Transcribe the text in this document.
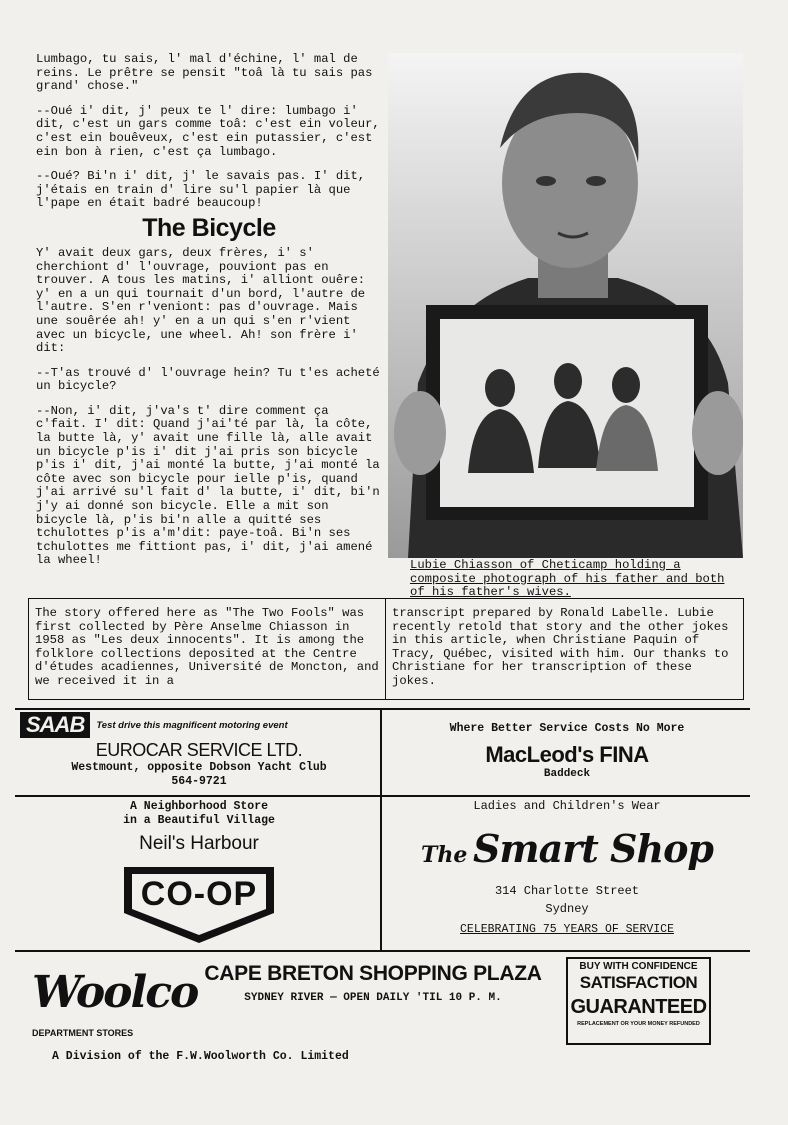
Lumbago, tu sais, l' mal d'échine, l' mal de reins. Le prêtre se pensit "toâ là tu sais pas grand' chose."

--Oué i' dit, j' peux te l' dire: lumbago i' dit, c'est un gars comme toâ: c'est ein voleur, c'est ein bouêveux, c'est ein putassier, c'est ein bon à rien, c'est ça lumbago.

--Oué? Bi'n i' dit, j' le savais pas. I' dit, j'étais en train d' lire su'l papier là que l'pape en était badré beaucoup!

The Bicycle

Y' avait deux gars, deux frères, i' s' cherchiont d' l'ouvrage, pouviont pas en trouver. A tous les matins, i' alliont ouêre: y' en a un qui tournait d'un bord, l'autre de l'autre. S'en r'veniont: pas d'ouvrage. Mais une souêrée ah! y' en a un qui s'en r'vient avec un bicycle, une wheel. Ah! son frère i' dit:

--T'as trouvé d' l'ouvrage hein? Tu t'es acheté un bicycle?

--Non, i' dit, j'va's t' dire comment ça c'fait. I' dit: Quand j'ai'té par là, la côte, la butte là, y' avait une fille là, alle avait un bicycle p'is i' dit j'ai pris son bicycle p'is i' dit, j'ai monté la butte, j'ai monté la côte avec son bicycle pour ielle p'is, quand j'ai arrivé su'l fait d' la butte, i' dit, bi'n j'y ai donné son bicycle. Elle a mit son bicycle là, p'is bi'n alle a quitté ses tchulottes p'is a'm'dit: paye-toâ. Bi'n ses tchulottes me fittiont pas, i' dit, j'ai amené la wheel!	Lubie Chiasson of Cheticamp holding a composite photograph of his father and both of his father's wives.
The story offered here as "The Two Fools" was first collected by Père Anselme Chiasson in 1958 as "Les deux innocents". It is among the folklore collections deposited at the Centre d'études acadiennes, Université de Moncton, and we received it in a
transcript prepared by Ronald Labelle. Lubie recently retold that story and the other jokes in this article, when Christiane Paquin of Tracy, Québec, visited with him. Our thanks to Christiane for her transcription of these jokes.
SAAB	Test drive this magnificent motoring event
EUROCAR SERVICE LTD.
Westmount, opposite Dobson Yacht Club
564-9721
Where Better Service Costs No More
MacLeod's FINA
Baddeck
A Neighborhood Store
in a Beautiful Village
Neil's Harbour
CO-OP
Ladies and Children's Wear
The Smart Shop
314 Charlotte Street
Sydney
CELEBRATING 75 YEARS OF SERVICE
Woolco
DEPARTMENT STORES
A Division of the F.W.Woolworth Co. Limited
CAPE BRETON SHOPPING PLAZA
SYDNEY RIVER — OPEN DAILY 'TIL 10 P. M.
BUY WITH CONFIDENCE
SATISFACTION
GUARANTEED
REPLACEMENT OR YOUR MONEY REFUNDED
